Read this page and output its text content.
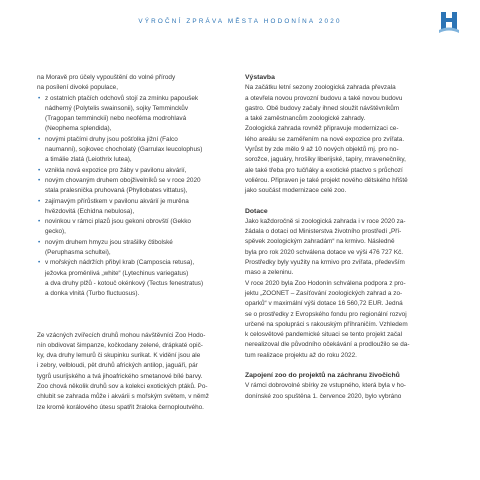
VÝROČNÍ ZPRÁVA MĚSTA HODONÍNA 2020

na Moravě pro účely vypouštění do volné přírody

na posílení divoké populace,

• z ostatních ptačích odchovů stojí za zmínku papoušek
nádherný (Polytelis swainsonii), sojky Temminckův
(Tragopan temminckii) nebo neoféma modrohlavá
(Neophema splendida),
• novými ptačími druhy jsou pošťolka jižní (Falco
naumanni), sojkovec chocholatý (Garrulax leucolophus)
a timálie zlatá (Leiothrix lutea),
• vznikla nová expozice pro žáby v pavilonu akvárií,
• novým chovaným druhem obojživelníků se v roce 2020
stala pralesnička pruhovaná (Phyllobates vittatus),
• zajímavým přírůstkem v pavilonu akvárií je murěna
hvězdovitá (Echidna nebulosa),
• novinkou v rámci plazů jsou gekoni obrovští (Gekko
gecko),
• novým druhem hmyzu jsou strašilky čtibolské
(Peruphasma schultei),
• v mořských nádržích přibyl krab (Camposcia retusa),
ježovka proměnlivá „white“ (Lytechinus variegatus)
a dva druhy plžů - kotouč okénkový (Tectus fenestratus)
a donka vlnitá (Turbo fluctuosus).
Ze vzácných zvířecích druhů mohou návštěvníci Zoo Hodo-
nín obdivovat šimpanze, kočkodany zelené, drápkaté opič-
ky, dva druhy lemurů či skupinku surikat. K vidění jsou ale
i zebry, velbloudi, pět druhů afrických antilop, jaguáři, pár
tygrů usurijského a tvá jihoafrického smetanové bílé barvy.
Zoo chová několik druhů sov a kolekci exotických ptáků. Po-
chlubit se zahrada může i akvárii s mořským světem, v němž
lze kromě korálového útesu spatřit žraloka černoploutvého.
Výstavba
Na začátku letní sezony zoologická zahrada převzala
a otevřela novou provozní budovu a také novou budovu
gastro. Obě budovy začaly ihned sloužit návštěvníkům
a také zaměstnancům zoologické zahrady.
Zoologická zahrada rovněž připravuje modernizaci ce-
lého areálu se zaměřením na nové expozice pro zvířata.
Vyrůst by zde mělo 9 až 10 nových objektů mj. pro no-
sorožce, jaguáry, hrošíky liberijské, tapíry, mravenečníky,
ale také třeba pro tučňáky a exotické ptactvo s průchozí
voliérou. Připraven je také projekt nového dětského hřiště
jako součást modernizace celé zoo.
Dotace
Jako každoročně si zoologická zahrada i v roce 2020 za-
žádala o dotaci od Ministerstva životního prostředí „Pří-
spěvek zoologickým zahradám“ na krmivo. Následně
byla pro rok 2020 schválena dotace ve výši 476 727 Kč.
Prostředky byly využity na krmivo pro zvířata, především
maso a zeleninu.
V roce 2020 byla Zoo Hodonín schválena podpora z pro-
jektu „ZOONET – Zasíťování zoologických zahrad a zo-
oparků“ v maximální výši dotace 16 560,72 EUR. Jedná
se o prostředky z Evropského fondu pro regionální rozvoj
určené na spolupráci s rakouským příhraničím. Vzhledem
k celosvětové pandemické situaci se tento projekt začal
nerealizoval dle původního očekávání a prodloužilo se da-
tum realizace projektu až do roku 2022.
Zapojení zoo do projektů na záchranu živočichů
V rámci dobrovolné sbírky ze vstupného, která byla v ho-
donínské zoo spuštěna 1. července 2020, bylo vybráno
